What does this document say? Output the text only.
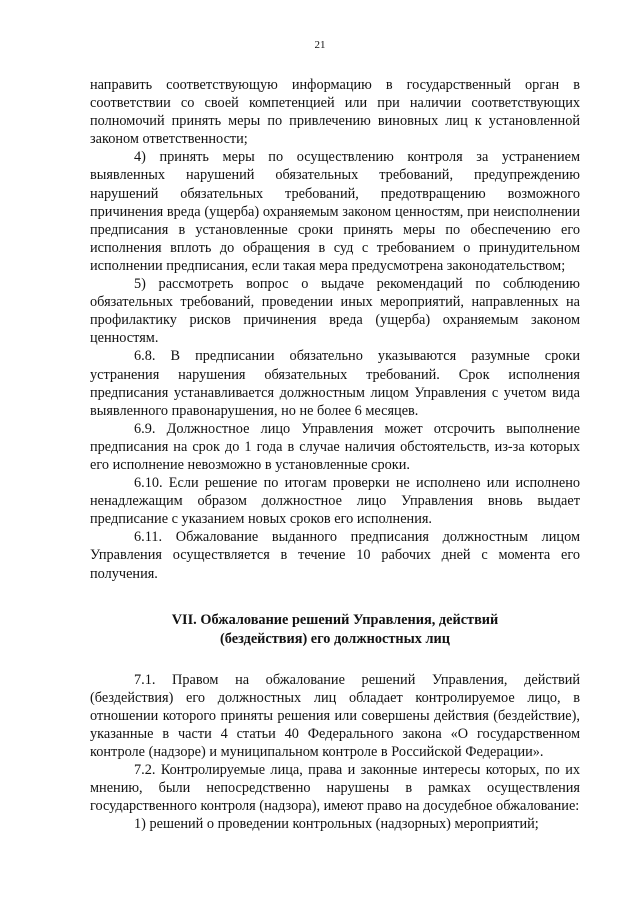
21

направить соответствующую информацию в государственный орган в соответствии со своей компетенцией или при наличии соответствующих полномочий принять меры по привлечению виновных лиц к установленной законом ответственности;

4) принять меры по осуществлению контроля за устранением выявленных нарушений обязательных требований, предупреждению нарушений обязательных требований, предотвращению возможного причинения вреда (ущерба) охраняемым законом ценностям, при неисполнении предписания в установленные сроки принять меры по обеспечению его исполнения вплоть до обращения в суд с требованием о принудительном исполнении предписания, если такая мера предусмотрена законодательством;

5) рассмотреть вопрос о выдаче рекомендаций по соблюдению обязательных требований, проведении иных мероприятий, направленных на профилактику рисков причинения вреда (ущерба) охраняемым законом ценностям.

6.8. В предписании обязательно указываются разумные сроки устранения нарушения обязательных требований. Срок исполнения предписания устанавливается должностным лицом Управления с учетом вида выявленного правонарушения, но не более 6 месяцев.

6.9. Должностное лицо Управления может отсрочить выполнение предписания на срок до 1 года в случае наличия обстоятельств, из-за которых его исполнение невозможно в установленные сроки.

6.10. Если решение по итогам проверки не исполнено или исполнено ненадлежащим образом должностное лицо Управления вновь выдает предписание с указанием новых сроков его исполнения.

6.11. Обжалование выданного предписания должностным лицом Управления осуществляется в течение 10 рабочих дней с момента его получения.

VII. Обжалование решений Управления, действий
(бездействия) его должностных лиц

7.1. Правом на обжалование решений Управления, действий (бездействия) его должностных лиц обладает контролируемое лицо, в отношении которого приняты решения или совершены действия (бездействие), указанные в части 4 статьи 40 Федерального закона «О государственном контроле (надзоре) и муниципальном контроле в Российской Федерации».

7.2. Контролируемые лица, права и законные интересы которых, по их мнению, были непосредственно нарушены в рамках осуществления государственного контроля (надзора), имеют право на досудебное обжалование:

1) решений о проведении контрольных (надзорных) мероприятий;
